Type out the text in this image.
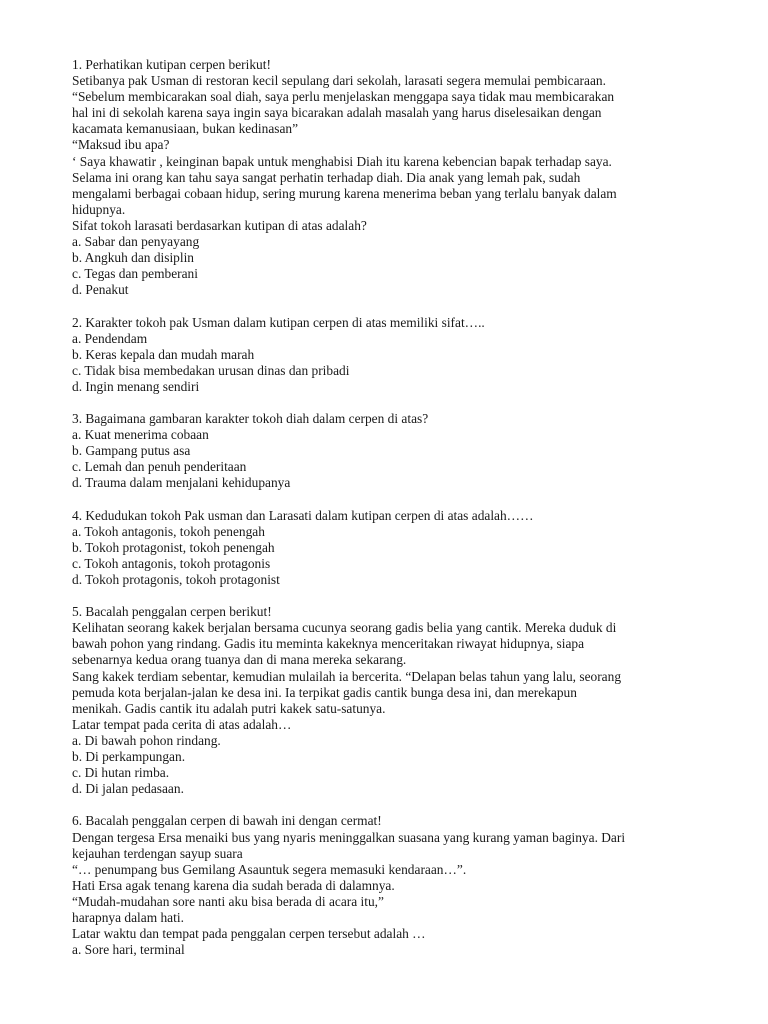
1. Perhatikan kutipan cerpen berikut!
Setibanya pak Usman di restoran kecil sepulang dari sekolah, larasati segera memulai pembicaraan.
“Sebelum membicarakan soal diah, saya perlu menjelaskan menggapa saya tidak mau membicarakan
hal ini di sekolah karena saya ingin saya bicarakan adalah masalah yang harus diselesaikan dengan
kacamata kemanusiaan, bukan kedinasan”
“Maksud ibu apa?
‘ Saya khawatir , keinginan bapak untuk menghabisi Diah itu karena kebencian bapak terhadap saya.
Selama ini orang kan tahu saya sangat perhatin terhadap diah. Dia anak yang lemah pak, sudah
mengalami berbagai cobaan hidup, sering murung karena menerima beban yang terlalu banyak dalam
hidupnya.
Sifat tokoh larasati berdasarkan kutipan di atas adalah?
a. Sabar dan penyayang
b. Angkuh dan disiplin
c. Tegas dan pemberani
d. Penakut
2. Karakter tokoh pak Usman dalam kutipan cerpen di atas memiliki sifat…..
a. Pendendam
b. Keras kepala dan mudah marah
c. Tidak bisa membedakan urusan dinas dan pribadi
d. Ingin menang sendiri
3. Bagaimana gambaran karakter tokoh diah dalam cerpen di atas?
a. Kuat menerima cobaan
b. Gampang putus asa
c. Lemah dan penuh penderitaan
d. Trauma dalam menjalani kehidupanya
4. Kedudukan tokoh Pak usman dan Larasati dalam kutipan cerpen di atas adalah……
a. Tokoh antagonis, tokoh penengah
b. Tokoh protagonist, tokoh penengah
c. Tokoh antagonis, tokoh protagonis
d. Tokoh protagonis, tokoh protagonist
5. Bacalah penggalan cerpen berikut!
Kelihatan seorang kakek berjalan bersama cucunya seorang gadis belia yang cantik. Mereka duduk di
bawah pohon yang rindang. Gadis itu meminta kakeknya menceritakan riwayat hidupnya, siapa
sebenarnya kedua orang tuanya dan di mana mereka sekarang.
Sang kakek terdiam sebentar, kemudian mulailah ia bercerita. “Delapan belas tahun yang lalu, seorang
pemuda kota berjalan-jalan ke desa ini. Ia terpikat gadis cantik bunga desa ini, dan merekapun
menikah. Gadis cantik itu adalah putri kakek satu-satunya.
Latar tempat pada cerita di atas adalah…
a. Di bawah pohon rindang.
b. Di perkampungan.
c. Di hutan rimba.
d. Di jalan pedasaan.
6. Bacalah penggalan cerpen di bawah ini dengan cermat!
Dengan tergesa Ersa menaiki bus yang nyaris meninggalkan suasana yang kurang yaman baginya. Dari
kejauhan terdengan sayup suara
“… penumpang bus Gemilang Asauntuk segera memasuki kendaraan…”.
Hati Ersa agak tenang karena dia sudah berada di dalamnya.
“Mudah-mudahan sore nanti aku bisa berada di acara itu,”
harapnya dalam hati.
Latar waktu dan tempat pada penggalan cerpen tersebut adalah …
a. Sore hari, terminal
